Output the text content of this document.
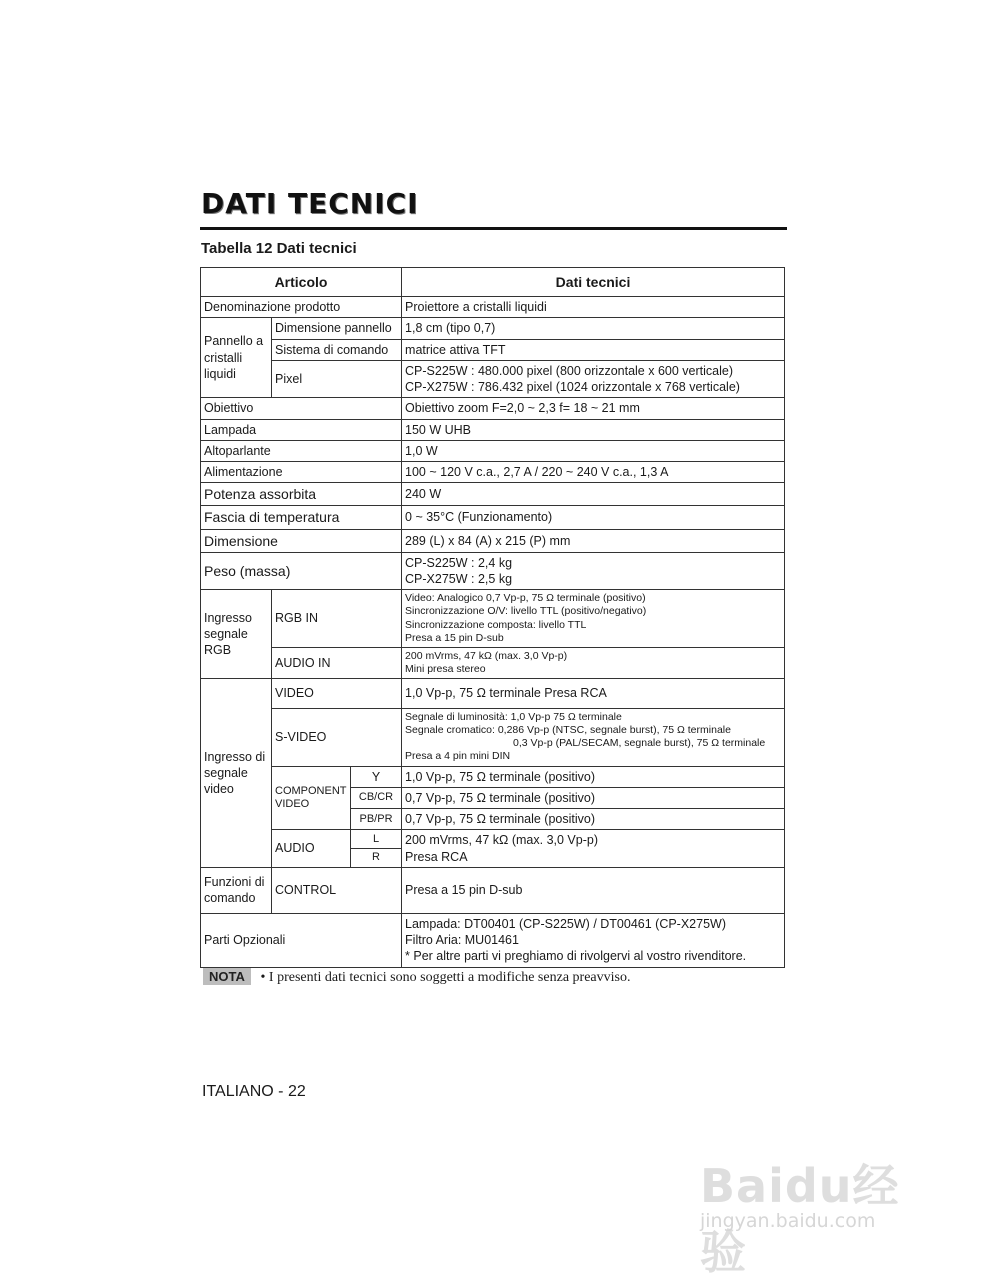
DATI TECNICI
Tabella 12 Dati tecnici
Articolo			Dati tecnici
Denominazione prodotto			Proiettore a cristalli liquidi
Pannello a cristalli liquidi	Dimensione pannello		1,8 cm (tipo 0,7)
	Sistema di comando		matrice attiva TFT
	Pixel		CP-S225W : 480.000 pixel (800 orizzontale x 600 verticale)
CP-X275W : 786.432 pixel (1024 orizzontale x 768 verticale)

Obiettivo			Obiettivo zoom F=2,0 ~ 2,3 f= 18 ~ 21 mm
Lampada			150 W UHB
Altoparlante			1,0 W
Alimentazione			100 ~ 120 V c.a., 2,7 A / 220 ~ 240 V c.a., 1,3 A
Potenza assorbita			240 W
Fascia di temperatura			0 ~ 35°C (Funzionamento)
Dimensione			289 (L) x 84 (A) x 215 (P) mm
Peso (massa)			CP-S225W : 2,4 kg
CP-X275W : 2,5 kg

Ingresso segnale RGB	RGB IN		Video: Analogico 0,7 Vp-p, 75 Ω terminale (positivo)
Sincronizzazione O/V: livello TTL (positivo/negativo)
Sincronizzazione composta: livello TTL
Presa a 15 pin D-sub

	AUDIO IN		200 mVrms, 47 kΩ (max. 3,0 Vp-p)
Mini presa stereo

Ingresso di segnale video	VIDEO		1,0 Vp-p, 75 Ω terminale Presa RCA
	S-VIDEO		Segnale di luminosità: 1,0 Vp-p 75 Ω terminale
Segnale cromatico: 0,286 Vp-p (NTSC, segnale burst), 75 Ω terminale
0,3 Vp-p (PAL/SECAM, segnale burst), 75 Ω terminale
Presa a 4 pin mini DIN

	COMPONENT VIDEO	Y	1,0 Vp-p, 75 Ω terminale (positivo)
		CB/CR	0,7 Vp-p, 75 Ω terminale (positivo)
		PB/PR	0,7 Vp-p, 75 Ω terminale (positivo)
	AUDIO	L	200 mVrms, 47 kΩ (max. 3,0 Vp-p)
Presa RCA

		R	
Funzioni di comando	CONTROL		Presa a 15 pin D-sub
Parti Opzionali			Lampada: DT00401 (CP-S225W) / DT00461 (CP-X275W)
Filtro Aria: MU01461
* Per altre parti vi preghiamo di rivolgervi al vostro rivenditore.
NOTA • I presenti dati tecnici sono soggetti a modifiche senza preavviso.
ITALIANO - 22
Baidu经验
jingyan.baidu.com
